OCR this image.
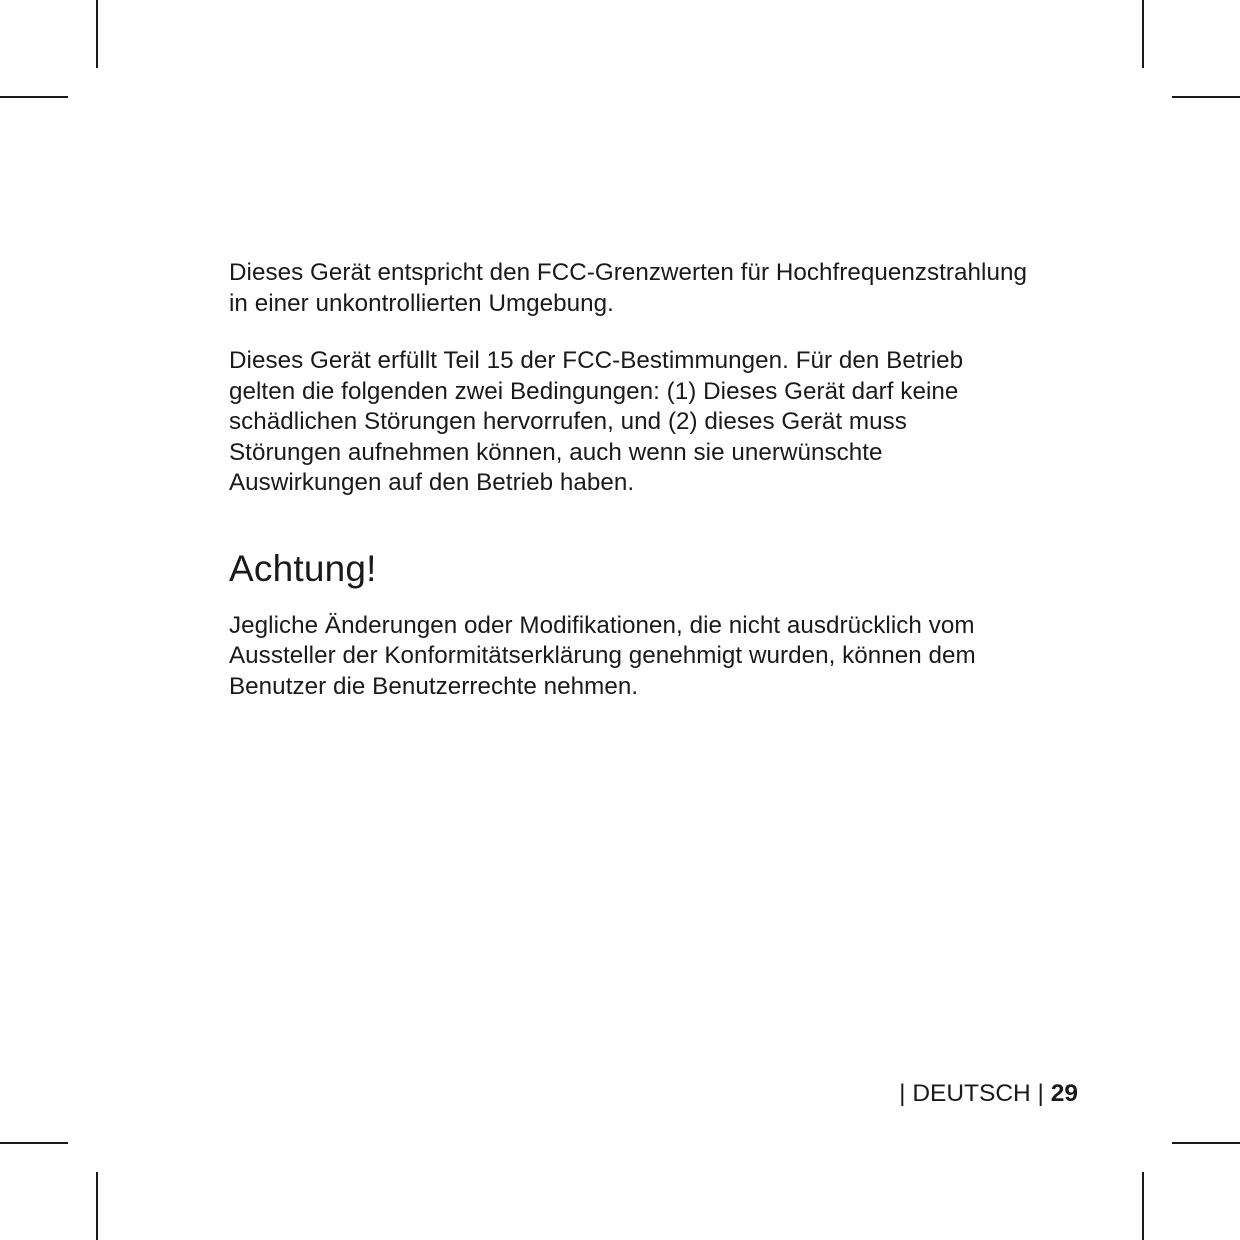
Dieses Gerät entspricht den FCC-Grenzwerten für Hochfrequenzstrahlung
in einer unkontrollierten Umgebung.

Dieses Gerät erfüllt Teil 15 der FCC-Bestimmungen. Für den Betrieb
gelten die folgenden zwei Bedingungen: (1) Dieses Gerät darf keine
schädlichen Störungen hervorrufen, und (2) dieses Gerät muss
Störungen aufnehmen können, auch wenn sie unerwünschte
Auswirkungen auf den Betrieb haben.

Achtung!

Jegliche Änderungen oder Modifikationen, die nicht ausdrücklich vom
Aussteller der Konformitätserklärung genehmigt wurden, können dem
Benutzer die Benutzerrechte nehmen.

| DEUTSCH | 29
